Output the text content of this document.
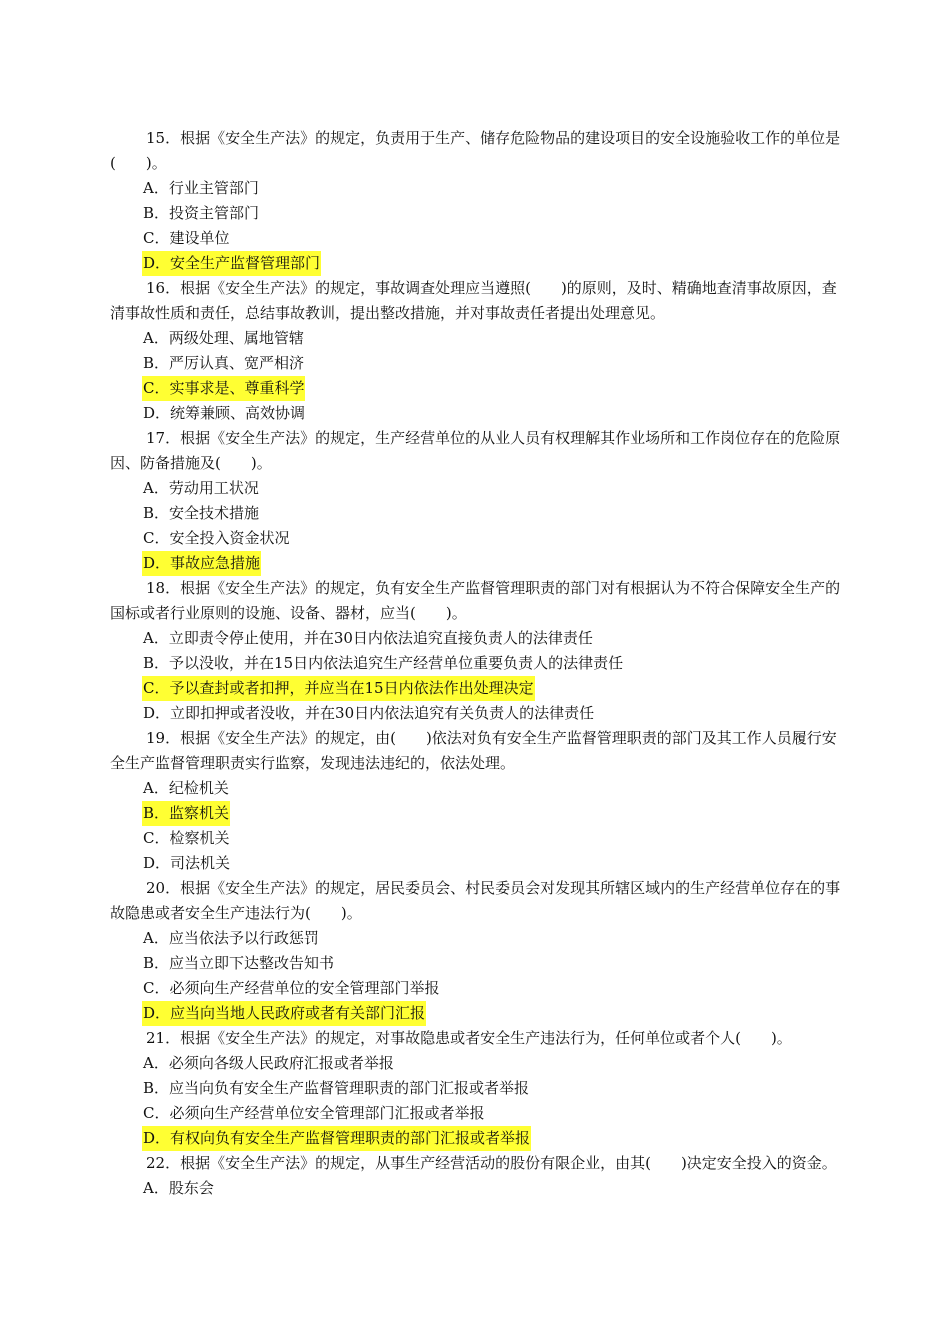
15．根据《安全生产法》的规定，负责用于生产、储存危险物品的建设项目的安全设施验收工作的单位是(　　)。

A．行业主管部门

B．投资主管部门

C．建设单位

D．安全生产监督管理部门

16．根据《安全生产法》的规定，事故调查处理应当遵照(　　)的原则，及时、精确地查清事故原因，查清事故性质和责任，总结事故教训，提出整改措施，并对事故责任者提出处理意见。

A．两级处理、属地管辖

B．严厉认真、宽严相济

C．实事求是、尊重科学

D．统筹兼顾、高效协调

17．根据《安全生产法》的规定，生产经营单位的从业人员有权理解其作业场所和工作岗位存在的危险原因、防备措施及(　　)。

A．劳动用工状况

B．安全技术措施

C．安全投入资金状况

D．事故应急措施

18．根据《安全生产法》的规定，负有安全生产监督管理职责的部门对有根据认为不符合保障安全生产的国标或者行业原则的设施、设备、器材，应当(　　)。

A．立即责令停止使用，并在30日内依法追究直接负责人的法律责任

B．予以没收，并在15日内依法追究生产经营单位重要负责人的法律责任

C．予以查封或者扣押，并应当在15日内依法作出处理决定

D．立即扣押或者没收，并在30日内依法追究有关负责人的法律责任

19．根据《安全生产法》的规定，由(　　)依法对负有安全生产监督管理职责的部门及其工作人员履行安全生产监督管理职责实行监察，发现违法违纪的，依法处理。

A．纪检机关

B．监察机关

C．检察机关

D．司法机关

20．根据《安全生产法》的规定，居民委员会、村民委员会对发现其所辖区域内的生产经营单位存在的事故隐患或者安全生产违法行为(　　)。

A．应当依法予以行政惩罚

B．应当立即下达整改告知书

C．必须向生产经营单位的安全管理部门举报

D．应当向当地人民政府或者有关部门汇报

21．根据《安全生产法》的规定，对事故隐患或者安全生产违法行为，任何单位或者个人(　　)。

A．必须向各级人民政府汇报或者举报

B．应当向负有安全生产监督管理职责的部门汇报或者举报

C．必须向生产经营单位安全管理部门汇报或者举报

D．有权向负有安全生产监督管理职责的部门汇报或者举报

22．根据《安全生产法》的规定，从事生产经营活动的股份有限企业，由其(　　)决定安全投入的资金。

A．股东会
